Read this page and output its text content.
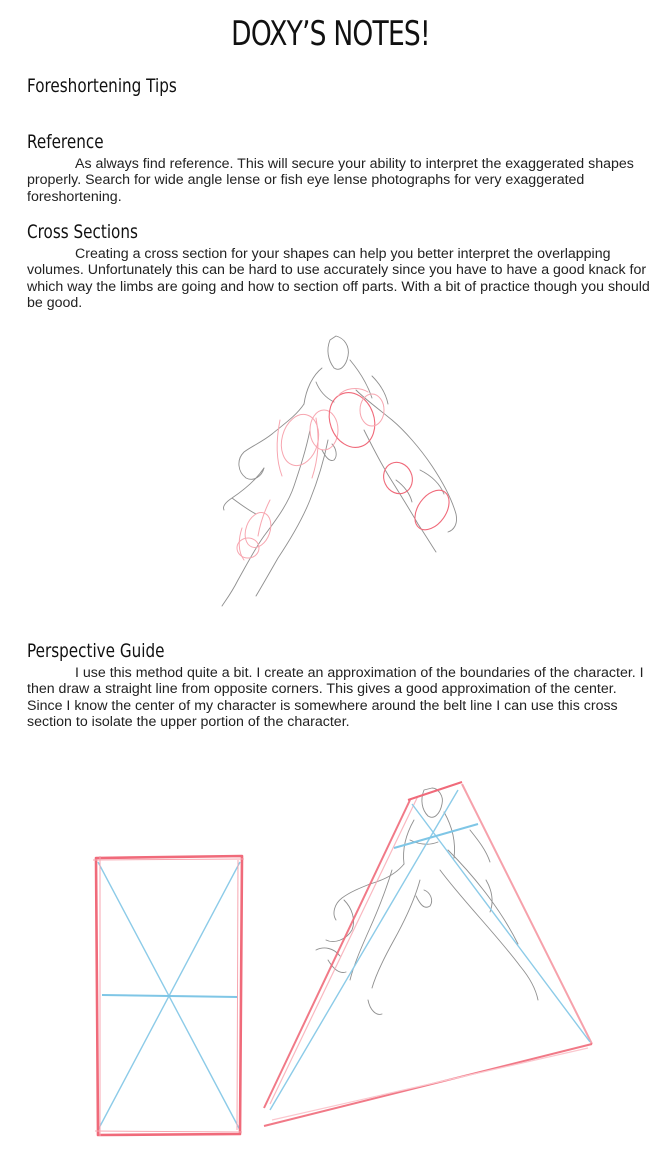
DOXY’S NOTES!
Foreshortening Tips
Reference

As always find reference. This will secure your ability to interpret the exaggerated shapes properly. Search for wide angle lense or fish eye lense photographs for very exaggerated foreshortening.

Cross Sections

Creating a cross section for your shapes can help you better interpret the overlapping volumes. Unfortunately this can be hard to use accurately since you have to have a good knack for which way the limbs are going and how to section off parts. With a bit of practice though you should be good.

Perspective Guide

I use this method quite a bit. I create an approximation of the boundaries of the character. I then draw a straight line from opposite corners. This gives a good approximation of the center. Since I know the center of my character is somewhere around the belt line I can use this cross section to isolate the upper portion of the character.
